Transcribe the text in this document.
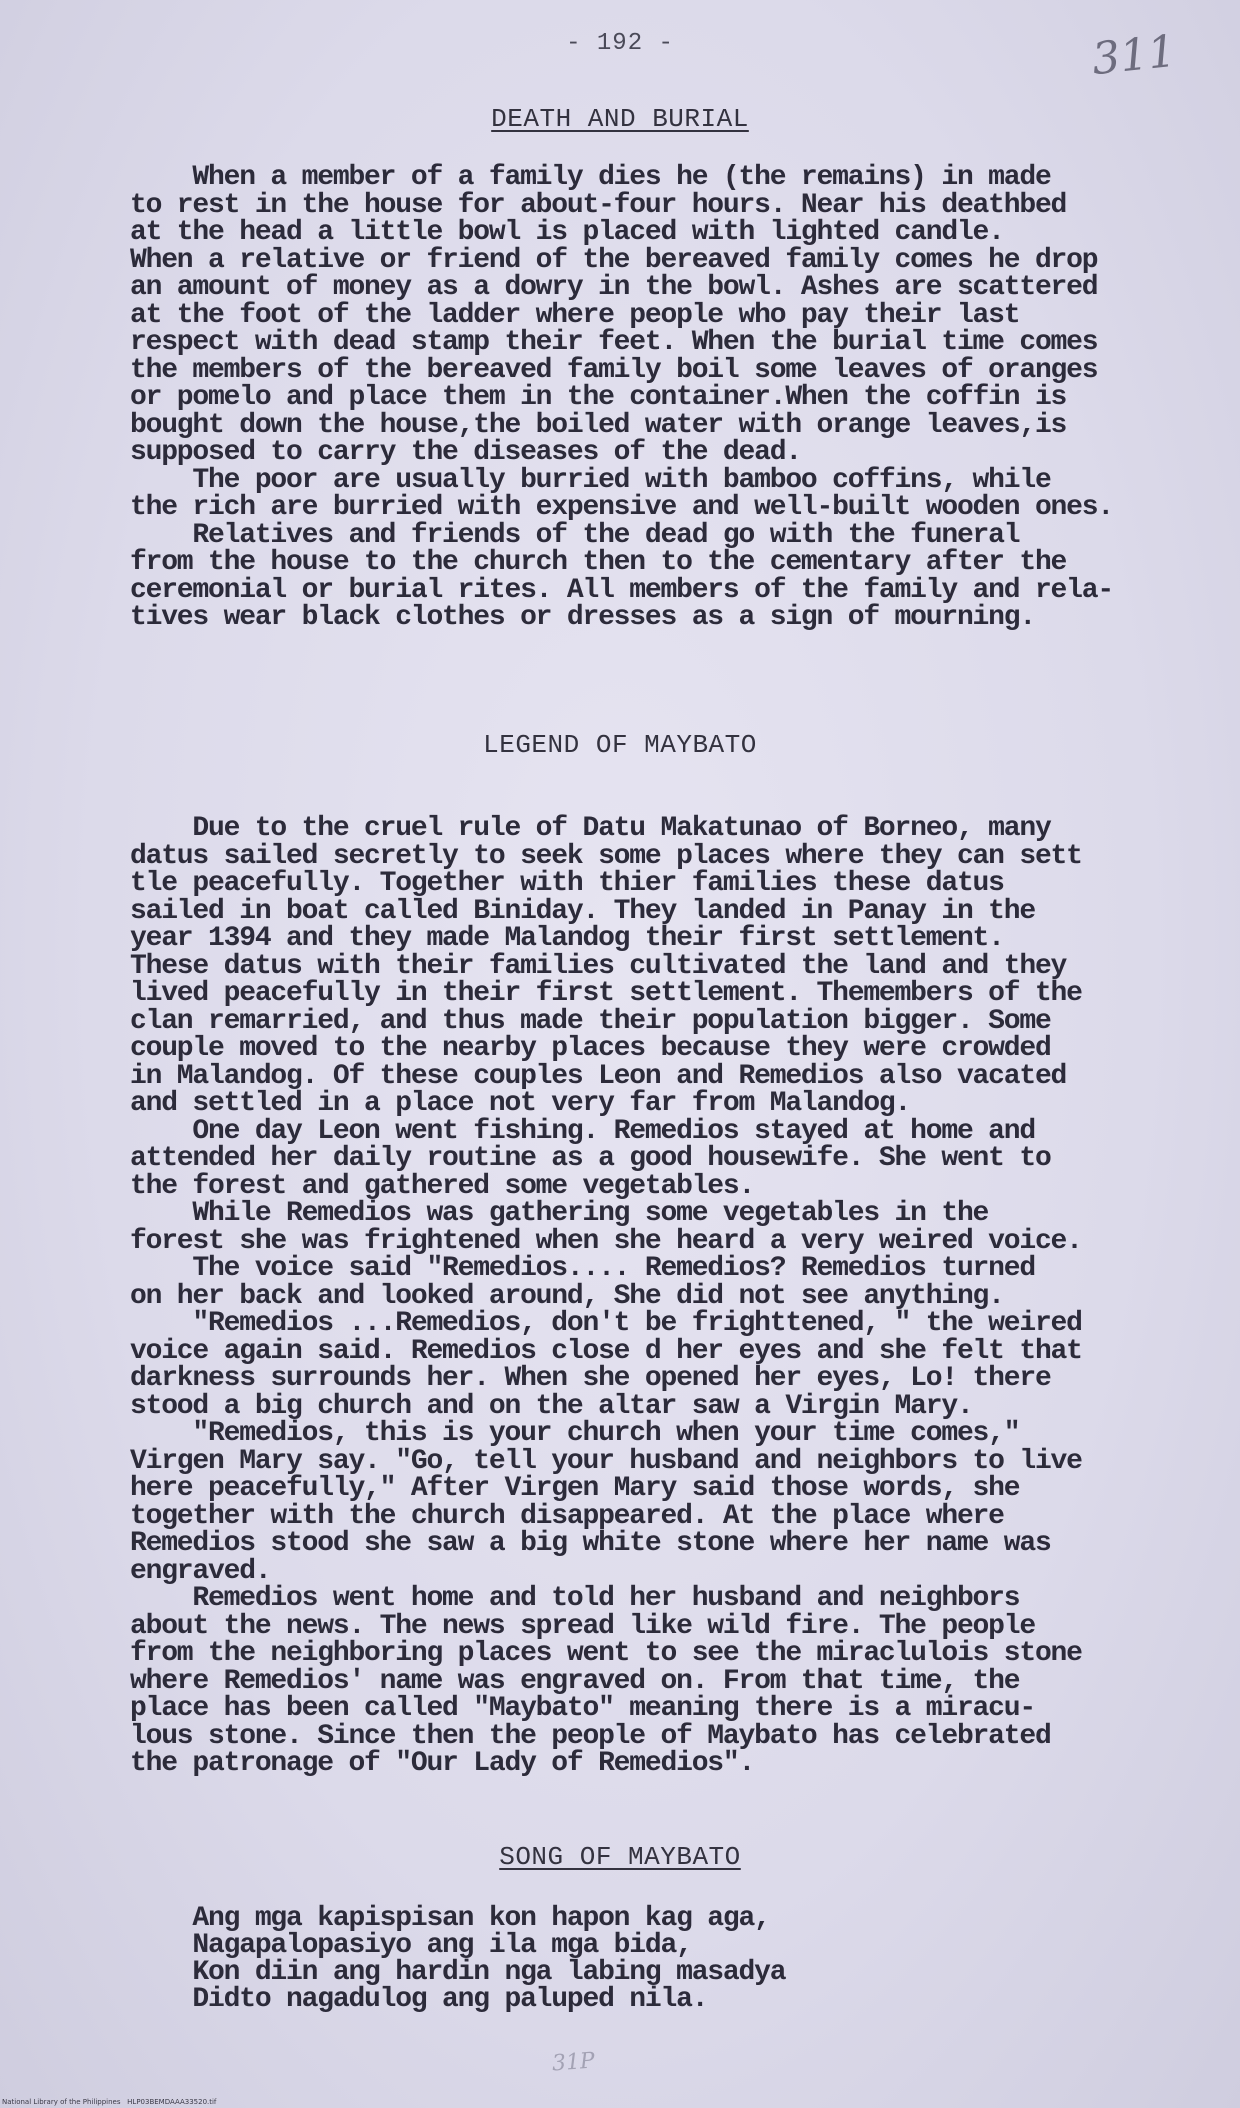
- 192 -	311
DEATH AND BURIAL
When a member of a family dies he (the remains) in made
to rest in the house for about-four hours. Near his deathbed
at the head a little bowl is placed with lighted candle.
When a relative or friend of the bereaved family comes he drop
an amount of money as a dowry in the bowl. Ashes are scattered
at the foot of the ladder where people who pay their last
respect with dead stamp their feet. When the burial time comes
the members of the bereaved family boil some leaves of oranges
or pomelo and place them in the container.When the coffin is
bought down the house,the boiled water with orange leaves,is
supposed to carry the diseases of the dead.
The poor are usually burried with bamboo coffins, while
the rich are burried with expensive and well-built wooden ones.
Relatives and friends of the dead go with the funeral
from the house to the church then to the cementary after the
ceremonial or burial rites. All members of the family and rela-
tives wear black clothes or dresses as a sign of mourning.
LEGEND OF MAYBATO
Due to the cruel rule of Datu Makatunao of Borneo, many
datus sailed secretly to seek some places where they can sett
tle peacefully. Together with thier families these datus
sailed in boat called Biniday. They landed in Panay in the
year 1394 and they made Malandog their first settlement.
These datus with their families cultivated the land and they
lived peacefully in their first settlement. Themembers of the
clan remarried, and thus made their population bigger. Some
couple moved to the nearby places because they were crowded
in Malandog. Of these couples Leon and Remedios also vacated
and settled in a place not very far from Malandog.
One day Leon went fishing. Remedios stayed at home and
attended her daily routine as a good housewife. She went to
the forest and gathered some vegetables.
While Remedios was gathering some vegetables in the
forest she was frightened when she heard a very weired voice.
The voice said "Remedios.... Remedios? Remedios turned
on her back and looked around, She did not see anything.
"Remedios ...Remedios, don't be frighttened, " the weired
voice again said. Remedios close d her eyes and she felt that
darkness surrounds her. When she opened her eyes, Lo! there
stood a big church and on the altar saw a Virgin Mary.
"Remedios, this is your church when your time comes,"
Virgen Mary say. "Go, tell your husband and neighbors to live
here peacefully," After Virgen Mary said those words, she
together with the church disappeared. At the place where
Remedios stood she saw a big white stone where her name was
engraved.
Remedios went home and told her husband and neighbors
about the news. The news spread like wild fire. The people
from the neighboring places went to see the miraclulois stone
where Remedios' name was engraved on. From that time, the
place has been called "Maybato" meaning there is a miracu-
lous stone. Since then the people of Maybato has celebrated
the patronage of "Our Lady of Remedios".
SONG OF MAYBATO
Ang mga kapispisan kon hapon kag aga,
Nagapalopasiyo ang ila mga bida,
Kon diin ang hardin nga labing masadya
Didto nagadulog ang paluped nila.
31P
National Library of the Philippines   HLP03BEMDAAA33520.tif
